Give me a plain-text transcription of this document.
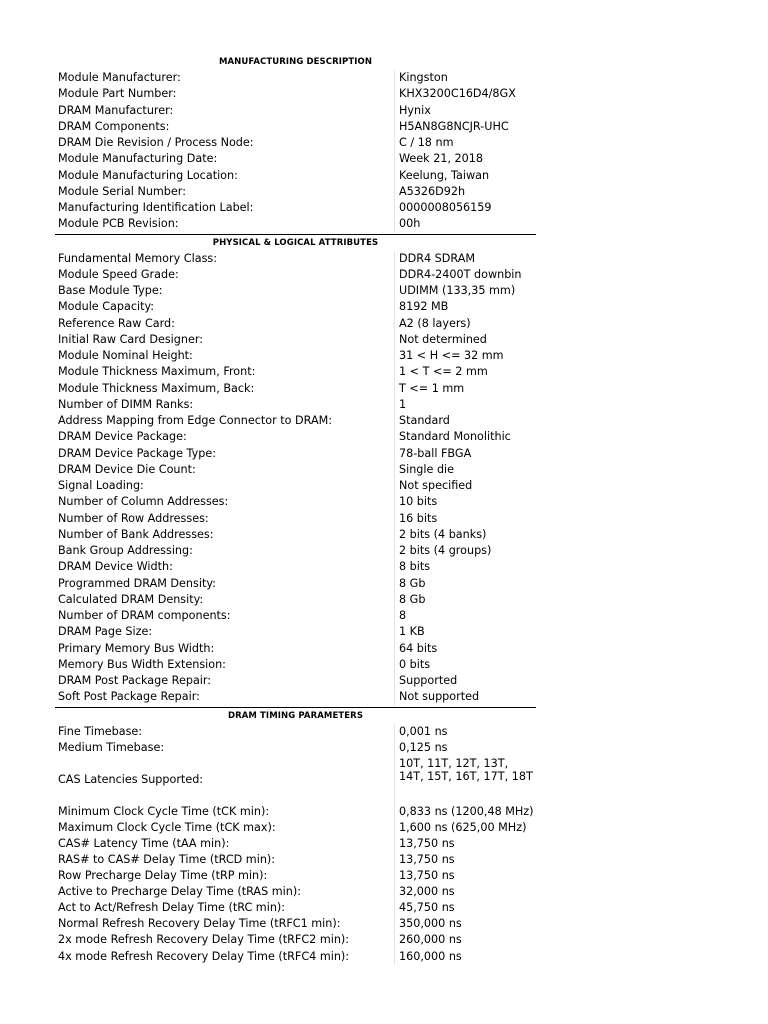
MANUFACTURING DESCRIPTION
Module Manufacturer:	Kingston
Module Part Number:	KHX3200C16D4/8GX
DRAM Manufacturer:	Hynix
DRAM Components:	H5AN8G8NCJR-UHC
DRAM Die Revision / Process Node:	C / 18 nm
Module Manufacturing Date:	Week 21, 2018
Module Manufacturing Location:	Keelung, Taiwan
Module Serial Number:	A5326D92h
Manufacturing Identification Label:	0000008056159
Module PCB Revision:	00h
PHYSICAL & LOGICAL ATTRIBUTES
Fundamental Memory Class:	DDR4 SDRAM
Module Speed Grade:	DDR4-2400T downbin
Base Module Type:	UDIMM (133,35 mm)
Module Capacity:	8192 MB
Reference Raw Card:	A2 (8 layers)
Initial Raw Card Designer:	Not determined
Module Nominal Height:	31 < H <= 32 mm
Module Thickness Maximum, Front:	1 < T <= 2 mm
Module Thickness Maximum, Back:	T <= 1 mm
Number of DIMM Ranks:	1
Address Mapping from Edge Connector to DRAM:	Standard
DRAM Device Package:	Standard Monolithic
DRAM Device Package Type:	78-ball FBGA
DRAM Device Die Count:	Single die
Signal Loading:	Not specified
Number of Column Addresses:	10 bits
Number of Row Addresses:	16 bits
Number of Bank Addresses:	2 bits (4 banks)
Bank Group Addressing:	2 bits (4 groups)
DRAM Device Width:	8 bits
Programmed DRAM Density:	8 Gb
Calculated DRAM Density:	8 Gb
Number of DRAM components:	8
DRAM Page Size:	1 KB
Primary Memory Bus Width:	64 bits
Memory Bus Width Extension:	0 bits
DRAM Post Package Repair:	Supported
Soft Post Package Repair:	Not supported
DRAM TIMING PARAMETERS
Fine Timebase:	0,001 ns
Medium Timebase:	0,125 ns
CAS Latencies Supported:
10T, 11T, 12T, 13T, 14T, 15T, 16T, 17T, 18T
Minimum Clock Cycle Time (tCK min):	0,833 ns (1200,48 MHz)
Maximum Clock Cycle Time (tCK max):	1,600 ns (625,00 MHz)
CAS# Latency Time (tAA min):	13,750 ns
RAS# to CAS# Delay Time (tRCD min):	13,750 ns
Row Precharge Delay Time (tRP min):	13,750 ns
Active to Precharge Delay Time (tRAS min):	32,000 ns
Act to Act/Refresh Delay Time (tRC min):	45,750 ns
Normal Refresh Recovery Delay Time (tRFC1 min):	350,000 ns
2x mode Refresh Recovery Delay Time (tRFC2 min):	260,000 ns
4x mode Refresh Recovery Delay Time (tRFC4 min):	160,000 ns
